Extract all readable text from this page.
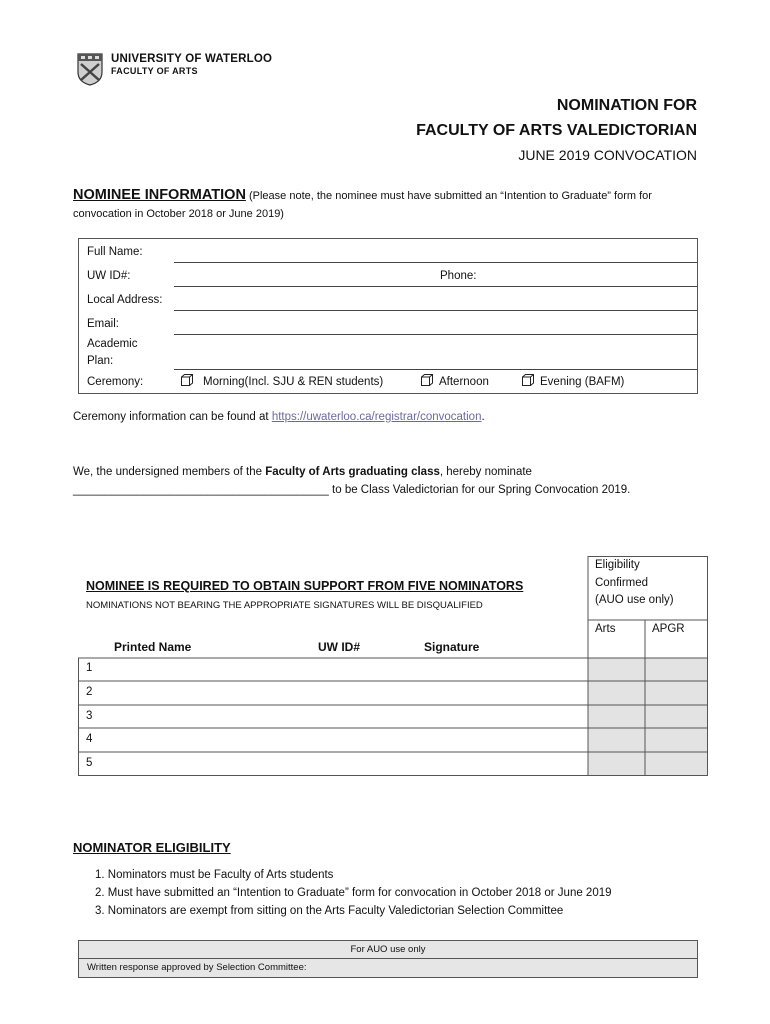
UNIVERSITY OF WATERLOO
FACULTY OF ARTS
NOMINATION FOR
FACULTY OF ARTS VALEDICTORIAN
JUNE 2019 CONVOCATION
NOMINEE INFORMATION (Please note, the nominee must have submitted an “Intention to Graduate” form for convocation in October 2018 or June 2019)
Full Name:
UW ID#:	Phone:
Local Address:
Email:
Academic Plan:
Ceremony:	Morning(Incl. SJU & REN students)	Afternoon	Evening (BAFM)
Ceremony information can be found at https://uwaterloo.ca/registrar/convocation.
We, the undersigned members of the Faculty of Arts graduating class, hereby nominate
________________________________________ to be Class Valedictorian for our Spring Convocation 2019.
NOMINEE IS REQUIRED TO OBTAIN SUPPORT FROM FIVE NOMINATORS
NOMINATIONS NOT BEARING THE APPROPRIATE SIGNATURES WILL BE DISQUALIFIED
Eligibility
Confirmed
(AUO use only)
Arts	APGR
Printed Name	UW ID#	Signature
1
2
3
4
5
NOMINATOR ELIGIBILITY
1. Nominators must be Faculty of Arts students
2. Must have submitted an “Intention to Graduate” form for convocation in October 2018 or June 2019
3. Nominators are exempt from sitting on the Arts Faculty Valedictorian Selection Committee
For AUO use only
Written response approved by Selection Committee:
